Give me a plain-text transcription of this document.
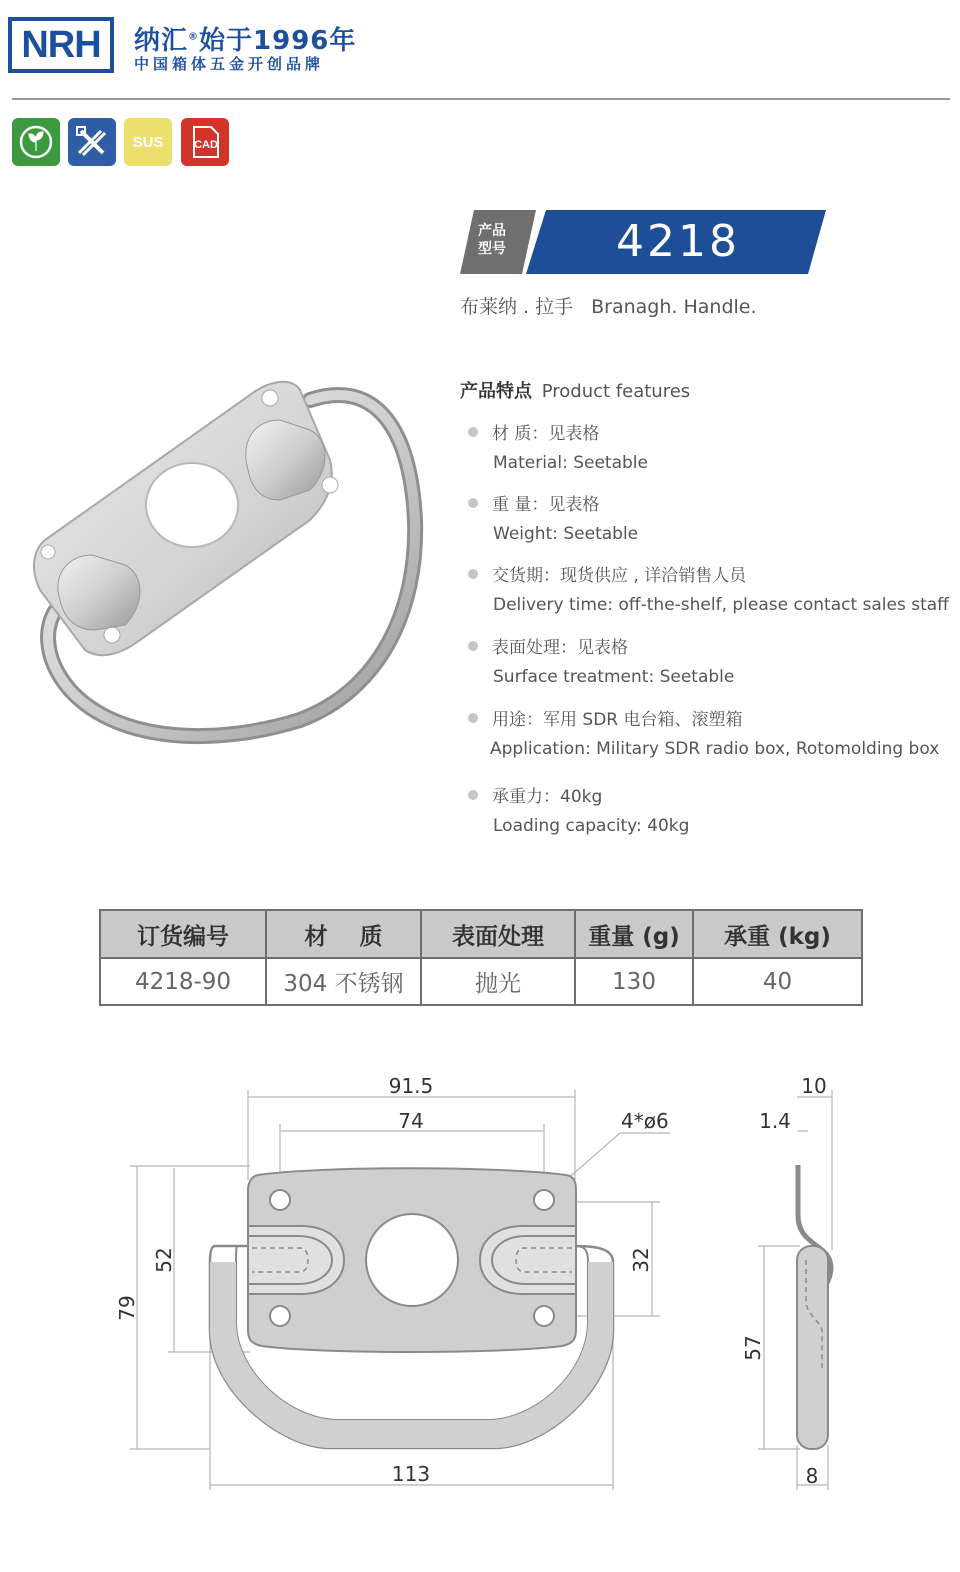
NRH 纳汇®始于1996年
中国箱体五金开创品牌
SUS	CAD
产品型号	4218
布莱纳 . 拉手 Branagh. Handle.
产品特点 Product features
材 质：见表格
Material: Seetable
重 量：见表格
Weight: Seetable
交货期：现货供应 , 详洽销售人员
Delivery time: off-the-shelf, please contact sales staff
表面处理：见表格
Surface treatment: Seetable
用途：军用 SDR 电台箱、滚塑箱
Application: Military SDR radio box, Rotomolding box
承重力：40kg
Loading capacity: 40kg
订货编号	材    质	表面处理	重量 (g)	承重 (kg)
4218-90	304 不锈钢	抛光	130	40
91.5
74	4*ø6
79
52	32
113
10
1.4
57
8
